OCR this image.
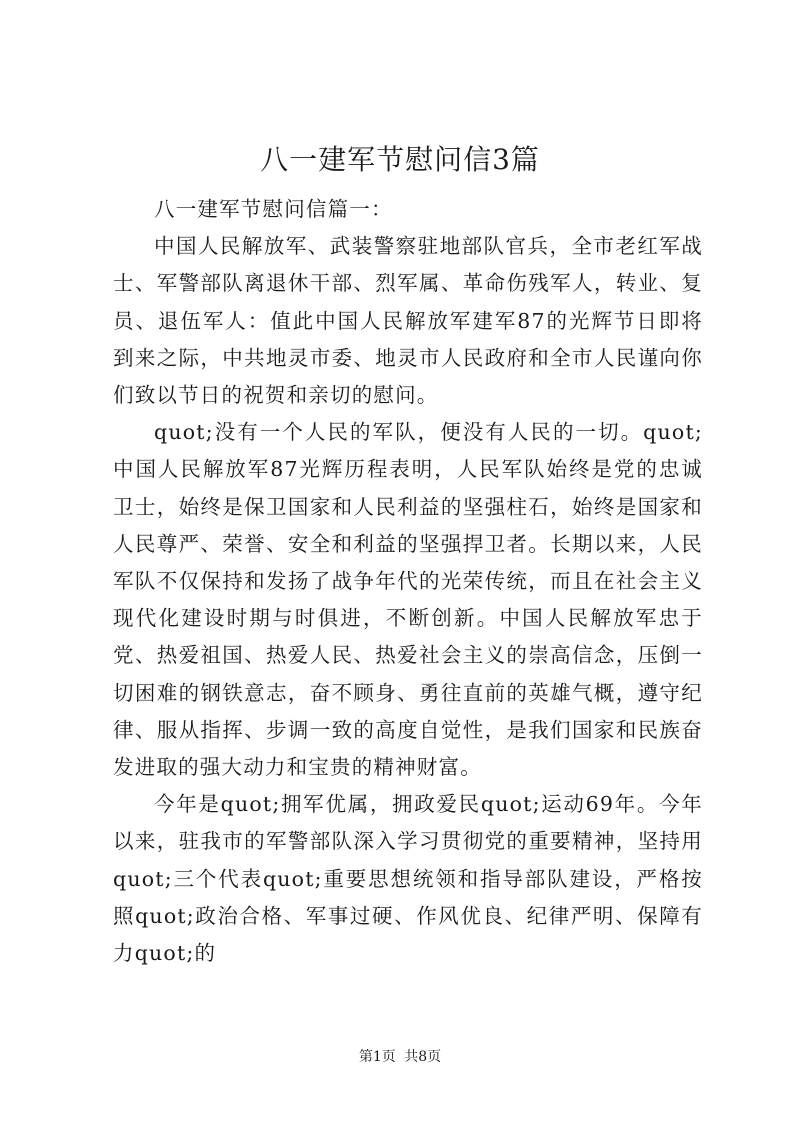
八一建军节慰问信3篇

八一建军节慰问信篇一：

中国人民解放军、武装警察驻地部队官兵，全市老红军战士、军警部队离退休干部、烈军属、革命伤残军人，转业、复员、退伍军人：值此中国人民解放军建军87的光辉节日即将到来之际，中共地灵市委、地灵市人民政府和全市人民谨向你们致以节日的祝贺和亲切的慰问。

quot;没有一个人民的军队，便没有人民的一切。quot;中国人民解放军87光辉历程表明，人民军队始终是党的忠诚卫士，始终是保卫国家和人民利益的坚强柱石，始终是国家和人民尊严、荣誉、安全和利益的坚强捍卫者。长期以来，人民军队不仅保持和发扬了战争年代的光荣传统，而且在社会主义现代化建设时期与时俱进，不断创新。中国人民解放军忠于党、热爱祖国、热爱人民、热爱社会主义的崇高信念，压倒一切困难的钢铁意志，奋不顾身、勇往直前的英雄气概，遵守纪律、服从指挥、步调一致的高度自觉性，是我们国家和民族奋发进取的强大动力和宝贵的精神财富。

今年是quot;拥军优属，拥政爱民quot;运动69年。今年以来，驻我市的军警部队深入学习贯彻党的重要精神，坚持用quot;三个代表quot;重要思想统领和指导部队建设，严格按照quot;政治合格、军事过硬、作风优良、纪律严明、保障有力quot;的

第1页 共8页
